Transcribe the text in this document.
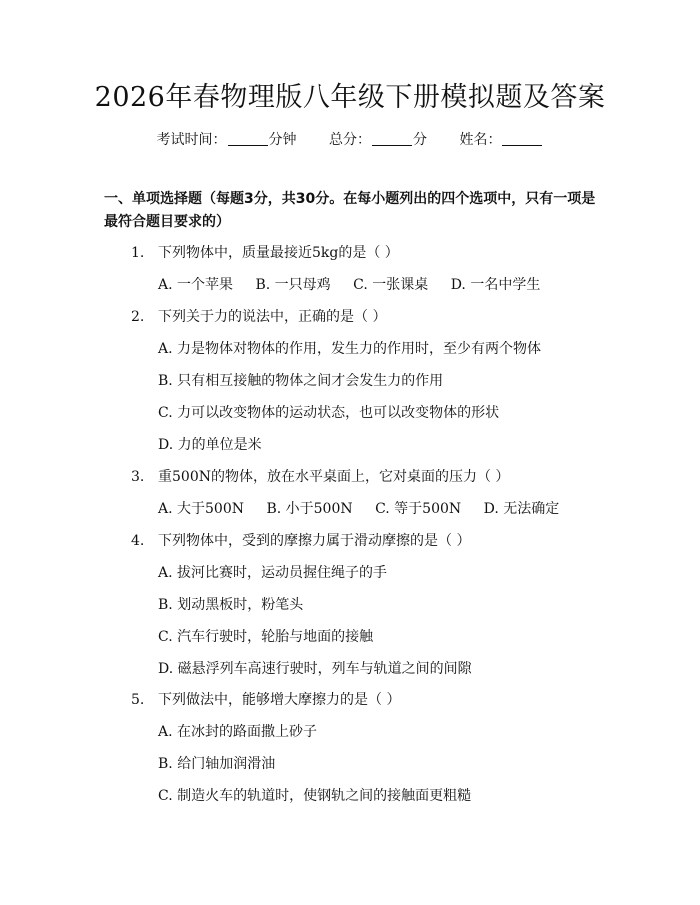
2026年春物理版八年级下册模拟题及答案
考试时间：	分钟 总分：	分 姓名：
一、单项选择题（每题3分，共30分。在每小题列出的四个选项中，只有一项是最符合题目要求的）
1. 下列物体中，质量最接近5kg的是（ ）
A. 一个苹果 B. 一只母鸡 C. 一张课桌 D. 一名中学生
2. 下列关于力的说法中，正确的是（ ）
A. 力是物体对物体的作用，发生力的作用时，至少有两个物体
B. 只有相互接触的物体之间才会发生力的作用
C. 力可以改变物体的运动状态，也可以改变物体的形状
D. 力的单位是米
3. 重500N的物体，放在水平桌面上，它对桌面的压力（ ）
A. 大于500N B. 小于500N C. 等于500N D. 无法确定
4. 下列物体中，受到的摩擦力属于滑动摩擦的是（ ）
A. 拔河比赛时，运动员握住绳子的手
B. 划动黑板时，粉笔头
C. 汽车行驶时，轮胎与地面的接触
D. 磁悬浮列车高速行驶时，列车与轨道之间的间隙
5. 下列做法中，能够增大摩擦力的是（ ）
A. 在冰封的路面撒上砂子
B. 给门轴加润滑油
C. 制造火车的轨道时，使钢轨之间的接触面更粗糙
